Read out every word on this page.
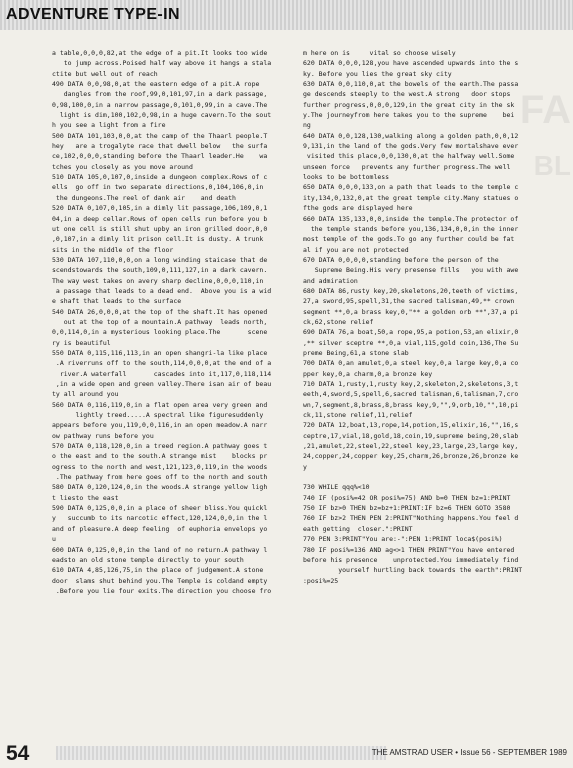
ADVENTURE TYPE-IN
FA
BL

a table,0,0,0,82,at the edge of a pit.It looks too wide

to jump across.Poised half way above it hangs a stala

ctite but well out of reach

490 DATA 0,0,98,0,at the eastern edge of a pit.A rope

dangles from the roof,99,0,101,97,in a dark passage,

0,98,100,0,in a narrow passage,0,101,0,99,in a cave.The

light is dim,100,102,0,98,in a huge cavern.To the sout

h you see a light from a fire

500 DATA 101,103,0,0,at the camp of the Thaarl people.T

hey   are a trogalyte race that dwell below   the surfa

ce,102,0,0,0,standing before the Thaarl leader.He    wa

tches you closely as you move around

510 DATA 105,0,107,0,inside a dungeon complex.Rows of c

ells  go off in two separate directions,0,104,106,0,in

the dungeons.The reel of dank air    and death

520 DATA 0,107,0,105,in a dimly lit passage,106,109,0,1

04,in a deep cellar.Rows of open cells run before you b

ut one cell is still shut upby an iron grilled door,0,0

,0,107,in a dimly lit prison cell.It is dusty. A trunk

sits in the middle of the floor

530 DATA 107,110,0,0,on a long winding staicase that de

scendstowards the south,109,0,111,127,in a dark cavern.

The way west takes on avery sharp decline,0,0,0,110,in

a passage that leads to a dead end.  Above you is a wid

e shaft that leads to the surface

540 DATA 26,0,0,0,at the top of the shaft.It has opened

out at the top of a mountain.A pathway  leads north,

0,0,114,0,in a mysterious looking place.The       scene

ry is beautiful

550 DATA 0,115,116,113,in an open shangri-la like place

.A riverruns off to the south,114,0,0,0,at the end of a

river.A waterfall       cascades into it,117,0,118,114

,in a wide open and green valley.There isan air of beau

ty all around you

560 DATA 0,116,119,0,in a flat open area very green and

lightly treed.....A spectral like figuresuddenly

appears before you,119,0,0,116,in an open meadow.A narr

ow pathway runs before you

570 DATA 0,118,120,0,in a treed region.A pathway goes t

o the east and to the south.A strange mist    blocks pr

ogress to the north and west,121,123,0,119,in the woods

.The pathway from here goes off to the north and south

580 DATA 0,120,124,0,in the woods.A strange yellow ligh

t liesto the east

590 DATA 0,125,0,0,in a place of sheer bliss.You quickl

y   succumb to its narcotic effect,120,124,0,0,in the l

and of pleasure.A deep feeling  of euphoria envelops yo

u

600 DATA 0,125,0,0,in the land of no return.A pathway l

eadsto an old stone temple directly to your south

610 DATA 4,85,126,75,in the place of judgement.A stone

door  slams shut behind you.The Temple is coldand empty

.Before you lie four exits.The direction you choose fro

m here on is     vital so choose wisely

620 DATA 0,0,0,128,you have ascended upwards into the s

ky. Before you lies the great sky city

630 DATA 0,0,110,0,at the bowels of the earth.The passa

ge descends steeply to the west.A strong   door stops

further progress,0,0,0,129,in the great city in the sk

y.The journeyfrom here takes you to the supreme    bei

ng

640 DATA 0,0,128,130,walking along a golden path,0,0,12

9,131,in the land of the gods.Very few mortalshave ever

visited this place,0,0,130,0,at the halfway well.Some

unseen force   prevents any further progress.The well

looks to be bottomless

650 DATA 0,0,0,133,on a path that leads to the temple c

ity,134,0,132,0,at the great temple city.Many statues o

fthe gods are displayed here

660 DATA 135,133,0,0,inside the temple.The protector of

the temple stands before you,136,134,0,0,in the inner

most temple of the gods.To go any further could be fat

al if you are not protected

670 DATA 0,0,0,0,standing before the person of the

Supreme Being.His very presense fills   you with awe

and admiration

680 DATA 86,rusty key,20,skeletons,20,teeth of victims,

27,a sword,95,spell,31,the sacred talisman,49,** crown

segment **,0,a brass key,0,"** a golden orb **",37,a pi

ck,62,stone relief

690 DATA 76,a boat,50,a rope,95,a potion,53,an elixir,0

,** silver sceptre **,0,a vial,115,gold coin,136,The Su

preme Being,61,a stone slab

700 DATA 0,an amulet,0,a steel key,0,a large key,0,a co

pper key,0,a charm,0,a bronze key

710 DATA 1,rusty,1,rusty key,2,skeleton,2,skeletons,3,t

eeth,4,sword,5,spell,6,sacred talisman,6,talisman,7,cro

wn,7,segment,8,brass,8,brass key,9,"",9,orb,10,"",10,pi

ck,11,stone relief,11,relief

720 DATA 12,boat,13,rope,14,potion,15,elixir,16,"",16,s

ceptre,17,vial,18,gold,18,coin,19,supreme being,20,slab

,21,amulet,22,steel,22,steel key,23,large,23,large key,

24,copper,24,copper key,25,charm,26,bronze,26,bronze ke

y

730 WHILE qqq%<10

740 IF (posi%=42 OR posi%=75) AND b=0 THEN bz=1:PRINT

750 IF bz>0 THEN bz=bz+1:PRINT:IF bz=6 THEN GOTO 3580

760 IF bz>2 THEN PEN 2:PRINT"Nothing happens.You feel d

eath getting  closer.":PRINT

770 PEN 3:PRINT"You are:-":PEN 1:PRINT loca$(posi%)

780 IF posi%=136 AND ag<>1 THEN PRINT"You have entered

before his presence    unprotected.You immediately find

yourself hurtling back towards the earth":PRINT

:posi%=25

54	THE AMSTRAD USER • Issue 56 - SEPTEMBER 1989
